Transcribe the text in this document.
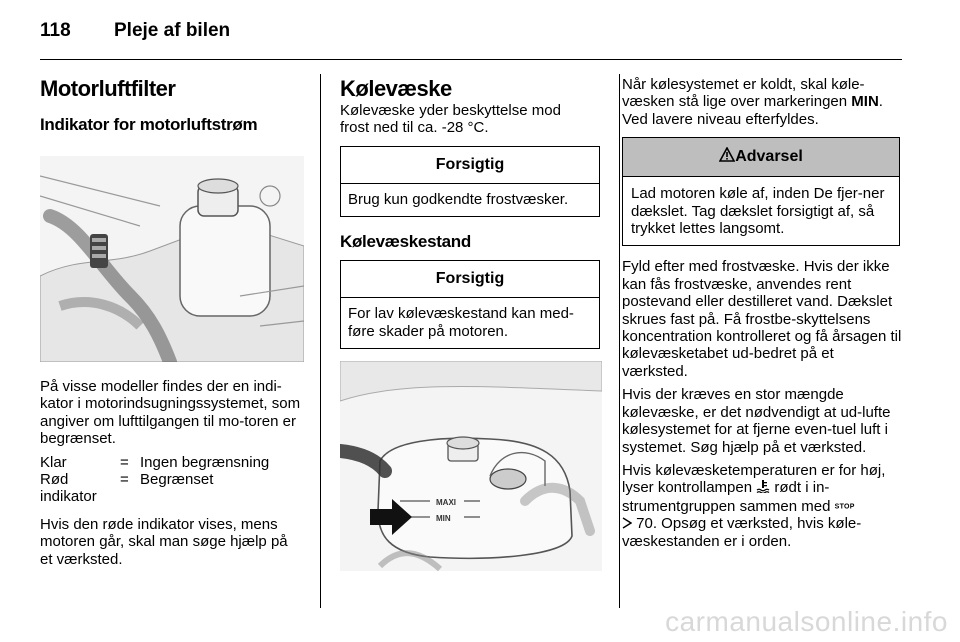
118 Pleje af bilen
Motorluftfilter
Indikator for motorluftstrøm

På visse modeller findes der en indi-kator i motorindsugningssystemet, som angiver om lufttilgangen til mo-toren er begrænset.

Klar	= Ingen begrænsning
Rød indikator
= Begrænset

Hvis den røde indikator vises, mens motoren går, skal man søge hjælp på et værksted.

Kølevæske

Kølevæske yder beskyttelse mod frost ned til ca. -28 °C.

Forsigtig
Brug kun godkendte frostvæsker.
Kølevæskestand
Forsigtig
For lav kølevæskestand kan med-føre skader på motoren.
MAXI
MIN

Når kølesystemet er koldt, skal køle-væsken stå lige over markeringen MIN. Ved lavere niveau efterfyldes.

Advarsel
Lad motoren køle af, inden De fjer-ner dækslet. Tag dækslet forsigtigt af, så trykket lettes langsomt.

Fyld efter med frostvæske. Hvis der ikke kan fås frostvæske, anvendes rent postevand eller destilleret vand. Dækslet skrues fast på. Få frostbe-skyttelsens koncentration kontrolleret og få årsagen til kølevæsketabet ud-bedret på et værksted.

Hvis der kræves en stor mængde kølevæske, er det nødvendigt at ud-lufte kølesystemet for at fjerne even-tuel luft i systemet. Søg hjælp på et værksted.

Hvis kølevæsketemperaturen er for høj, lyser kontrollampen  rødt i in-strumentgruppen sammen med STOP
70. Opsøg et værksted, hvis køle-væskestanden er i orden.

carmanualsonline.info
